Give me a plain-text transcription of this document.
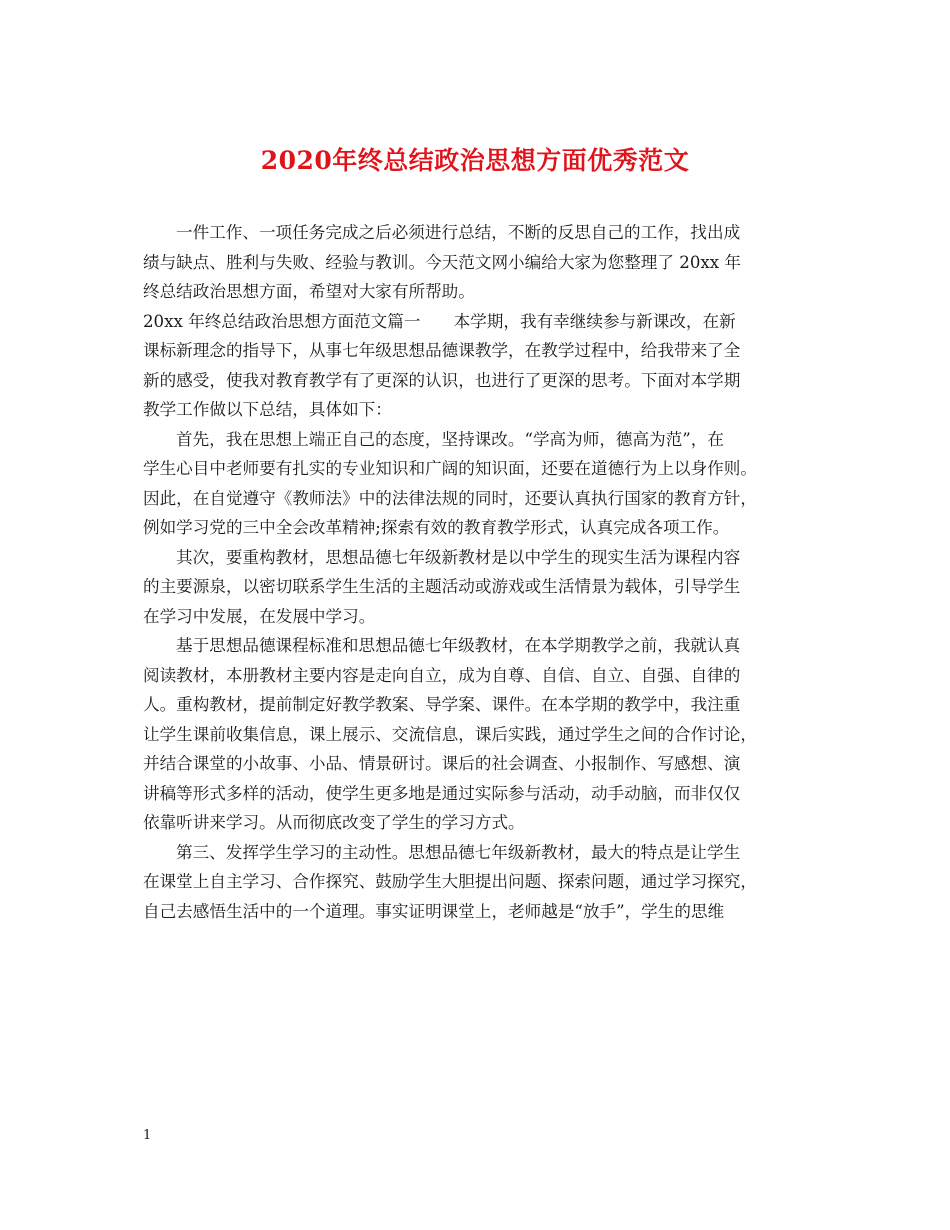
2020年终总结政治思想方面优秀范文
一件工作、一项任务完成之后必须进行总结，不断的反思自己的工作，找出成
绩与缺点、胜利与失败、经验与教训。今天范文网小编给大家为您整理了 20xx 年
终总结政治思想方面，希望对大家有所帮助。
20xx 年终总结政治思想方面范文篇一　　本学期，我有幸继续参与新课改，在新
课标新理念的指导下，从事七年级思想品德课教学，在教学过程中，给我带来了全
新的感受，使我对教育教学有了更深的认识，也进行了更深的思考。下面对本学期
教学工作做以下总结，具体如下：
首先，我在思想上端正自己的态度，坚持课改。“学高为师，德高为范”，在
学生心目中老师要有扎实的专业知识和广阔的知识面，还要在道德行为上以身作则。
因此，在自觉遵守《教师法》中的法律法规的同时，还要认真执行国家的教育方针，
例如学习党的三中全会改革精神;探索有效的教育教学形式，认真完成各项工作。
其次，要重构教材，思想品德七年级新教材是以中学生的现实生活为课程内容
的主要源泉，以密切联系学生生活的主题活动或游戏或生活情景为载体，引导学生
在学习中发展，在发展中学习。
基于思想品德课程标准和思想品德七年级教材，在本学期教学之前，我就认真
阅读教材，本册教材主要内容是走向自立，成为自尊、自信、自立、自强、自律的
人。重构教材，提前制定好教学教案、导学案、课件。在本学期的教学中，我注重
让学生课前收集信息，课上展示、交流信息，课后实践，通过学生之间的合作讨论，
并结合课堂的小故事、小品、情景研讨。课后的社会调查、小报制作、写感想、演
讲稿等形式多样的活动，使学生更多地是通过实际参与活动，动手动脑，而非仅仅
依靠听讲来学习。从而彻底改变了学生的学习方式。
第三、发挥学生学习的主动性。思想品德七年级新教材，最大的特点是让学生
在课堂上自主学习、合作探究、鼓励学生大胆提出问题、探索问题，通过学习探究，
自己去感悟生活中的一个道理。事实证明课堂上，老师越是“放手”，学生的思维
1
